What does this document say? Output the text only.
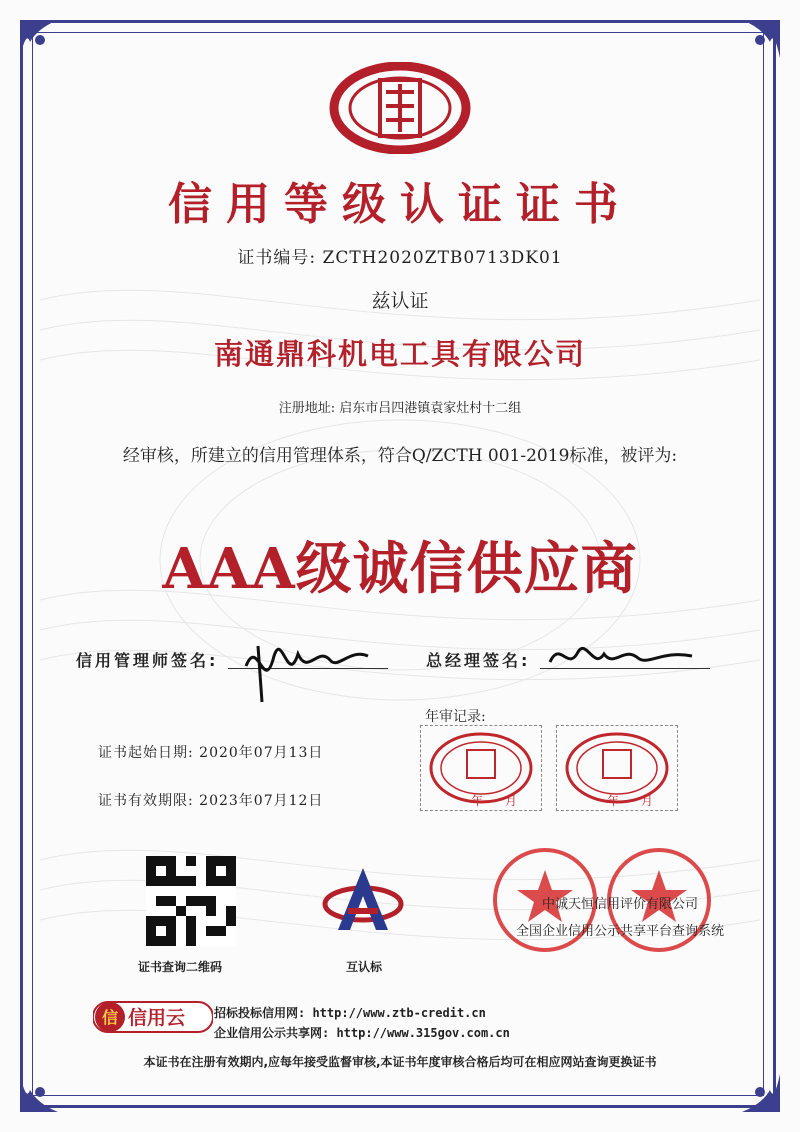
信用等级认证证书
证书编号: ZCTH2020ZTB0713DK01
兹认证
南通鼎科机电工具有限公司
注册地址: 启东市吕四港镇袁家灶村十二组
经审核，所建立的信用管理体系，符合Q/ZCTH 001-2019标准，被评为:
AAA级诚信供应商
信用管理师签名:	总经理签名:
年审记录:
年 月	年 月
证书起始日期: 2020年07月13日
证书有效期限: 2023年07月12日
证书查询二维码	互认标
中诚天恒信用评价有限公司
全国企业信用公示共享平台查询系统
信 信用云 招标投标信用网: http://www.ztb-credit.cn
企业信用公示共享网: http://www.315gov.com.cn
本证书在注册有效期内,应每年接受监督审核,本证书年度审核合格后均可在相应网站查询更换证书
